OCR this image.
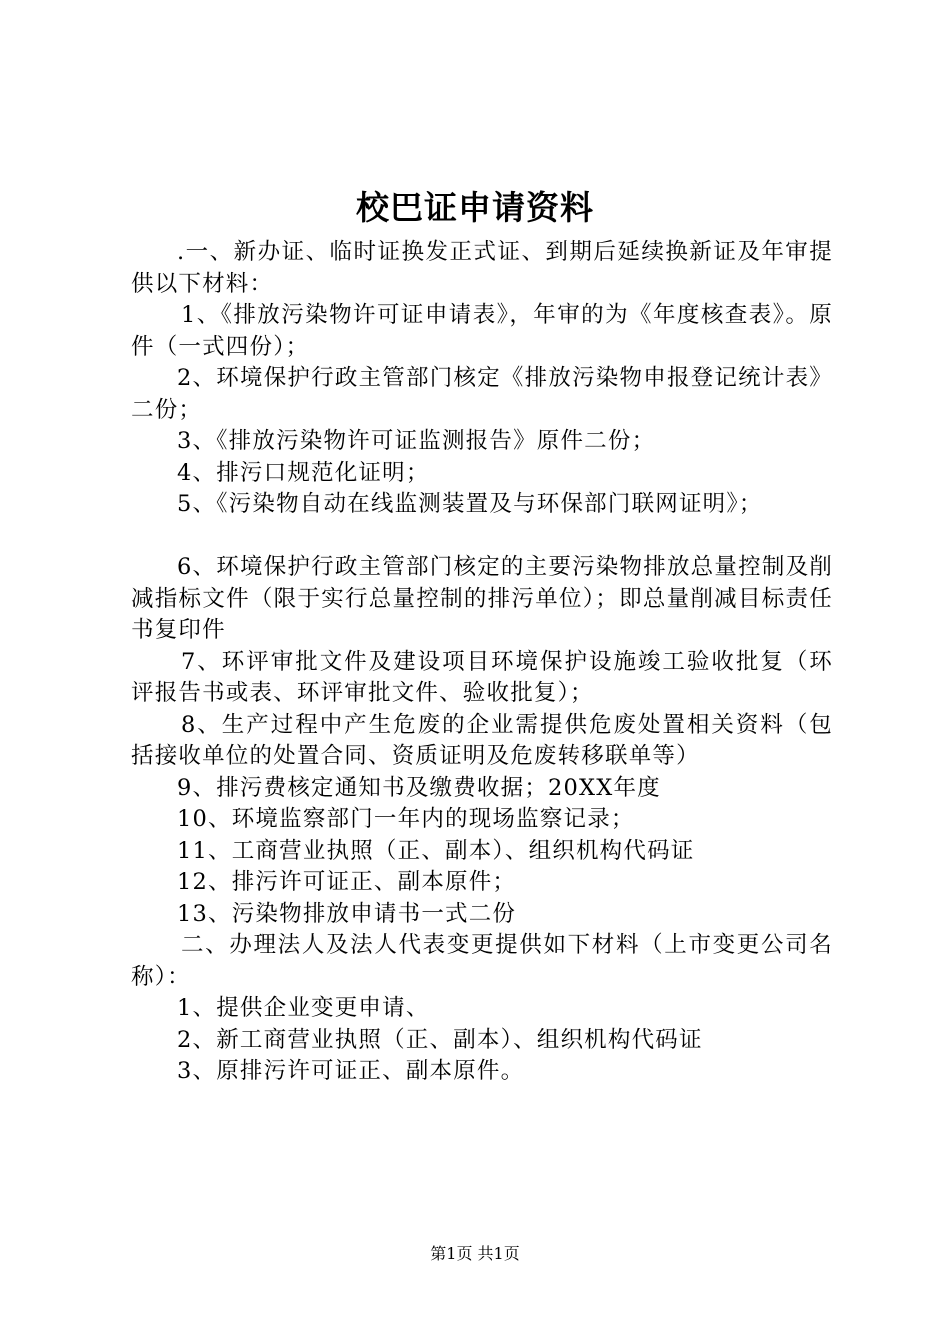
校巴证申请资料

.一、新办证、临时证换发正式证、到期后延续换新证及年审提供以下材料：

1、《排放污染物许可证申请表》，年审的为《年度核查表》。原件（一式四份）；

2、环境保护行政主管部门核定《排放污染物申报登记统计表》二份；

3、《排放污染物许可证监测报告》原件二份；

4、排污口规范化证明；

5、《污染物自动在线监测装置及与环保部门联网证明》；

6、环境保护行政主管部门核定的主要污染物排放总量控制及削减指标文件（限于实行总量控制的排污单位）；即总量削减目标责任书复印件

7、环评审批文件及建设项目环境保护设施竣工验收批复（环评报告书或表、环评审批文件、验收批复）；

8、生产过程中产生危废的企业需提供危废处置相关资料（包括接收单位的处置合同、资质证明及危废转移联单等）

9、排污费核定通知书及缴费收据；20XX年度

10、环境监察部门一年内的现场监察记录；

11、工商营业执照（正、副本）、组织机构代码证

12、排污许可证正、副本原件；

13、污染物排放申请书一式二份

二、办理法人及法人代表变更提供如下材料（上市变更公司名称）：

1、提供企业变更申请、

2、新工商营业执照（正、副本）、组织机构代码证

3、原排污许可证正、副本原件。

第1页 共1页
